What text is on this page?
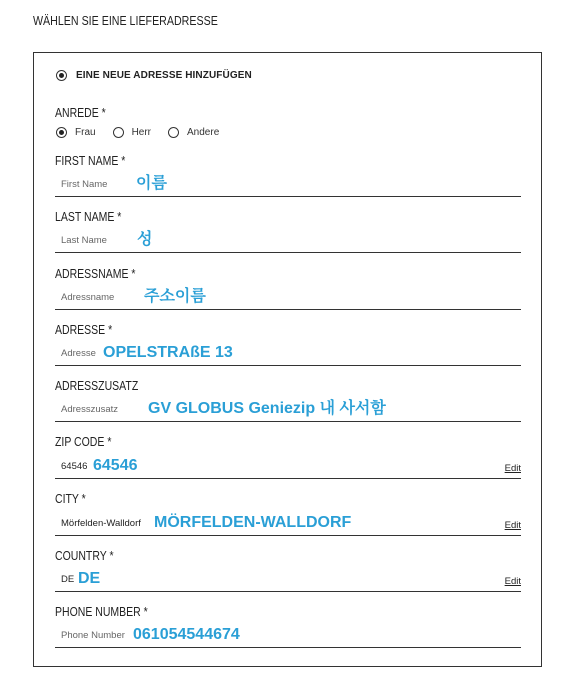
WÄHLEN SIE EINE LIEFERADRESSE
EINE NEUE ADRESSE HINZUFÜGEN
ANREDE *
Frau	Herr	Andere
FIRST NAME *
First Name 이름
LAST NAME *
Last Name 성
ADRESSNAME *
Adressname 주소이름
ADRESSE *
Adresse OPELSTRAßE 13
ADRESSZUSATZ
Adresszusatz GV GLOBUS Geniezip 내 사서함
ZIP CODE *
64546 64546	Edit
CITY *
Mörfelden-Walldorf MÖRFELDEN-WALLDORF	Edit
COUNTRY *
DE DE	Edit
PHONE NUMBER *
Phone Number 061054544674
